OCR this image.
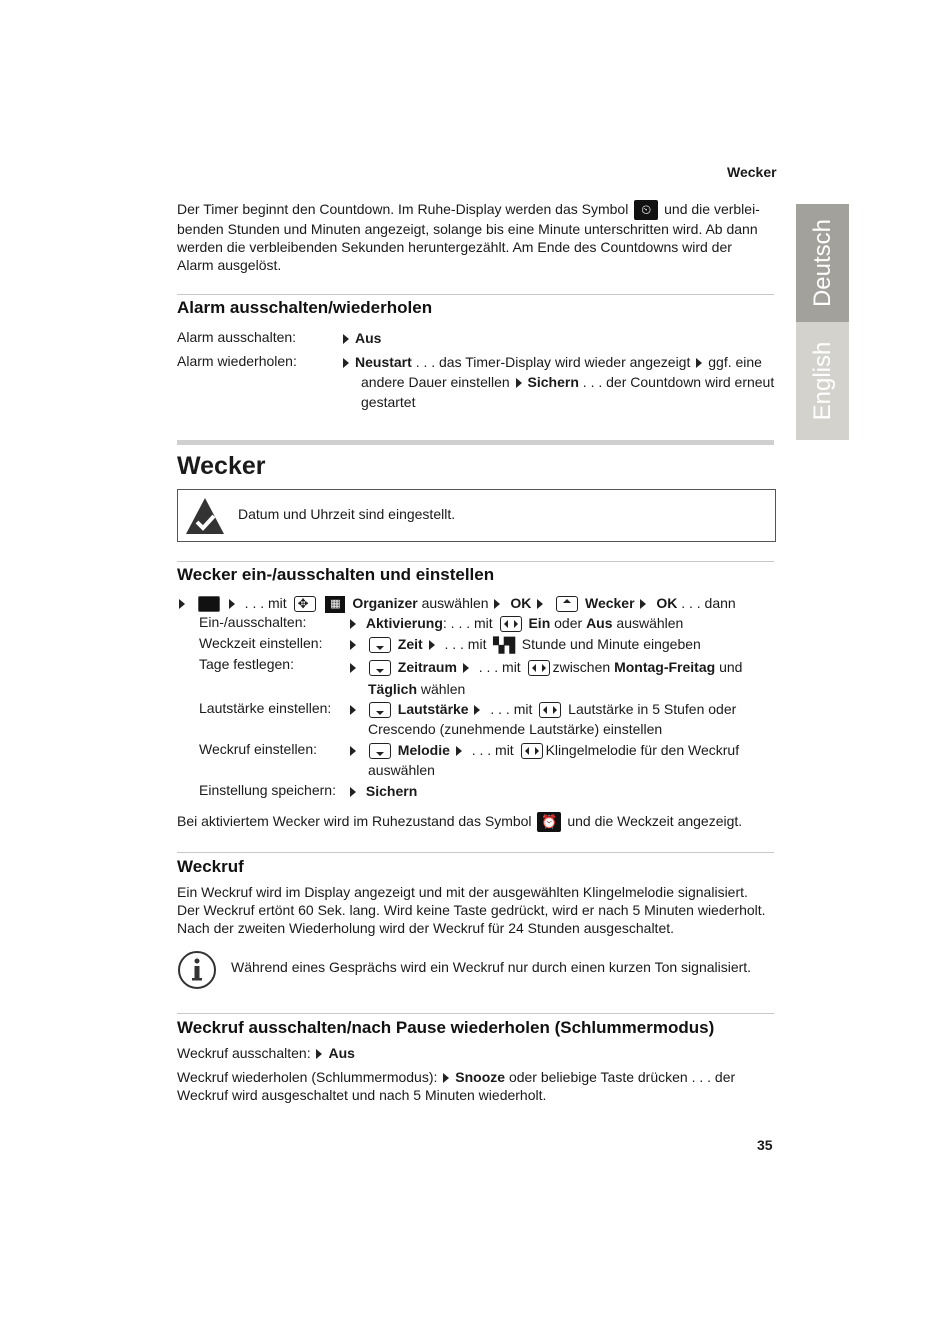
Wecker
Deutsch
English
Der Timer beginnt den Countdown. Im Ruhe-Display werden das Symbol ⏲ und die verblei-
benden Stunden und Minuten angezeigt, solange bis eine Minute unterschritten wird. Ab dann
werden die verbleibenden Sekunden heruntergezählt. Am Ende des Countdowns wird der
Alarm ausgelöst.
Alarm ausschalten/wiederholen
Alarm ausschalten:	Aus
Alarm wiederholen:	Neustart . . . das Timer-Display wird wieder angezeigt ggf. eine
andere Dauer einstellen Sichern . . . der Countdown wird erneut
gestartet
Wecker
Datum und Uhrzeit sind eingestellt.
Wecker ein-/ausschalten und einstellen
. . . mit ✥	▦ Organizer auswählen OK	Wecker OK . . . dann
Ein-/ausschalten:	Aktivierung: . . . mit	Ein oder Aus auswählen
Weckzeit einstellen:	Zeit . . . mit ▚▜ Stunde und Minute eingeben
Tage festlegen:	Zeitraum . . . mit zwischen Montag-Freitag und
Täglich wählen
Lautstärke einstellen:	Lautstärke . . . mit	Lautstärke in 5 Stufen oder
Crescendo (zunehmende Lautstärke) einstellen
Weckruf einstellen:	Melodie . . . mit Klingelmelodie für den Weckruf
auswählen
Einstellung speichern:	Sichern
Bei aktiviertem Wecker wird im Ruhezustand das Symbol ⏰ und die Weckzeit angezeigt.
Weckruf
Ein Weckruf wird im Display angezeigt und mit der ausgewählten Klingelmelodie signalisiert.
Der Weckruf ertönt 60 Sek. lang. Wird keine Taste gedrückt, wird er nach 5 Minuten wiederholt.
Nach der zweiten Wiederholung wird der Weckruf für 24 Stunden ausgeschaltet.
Während eines Gesprächs wird ein Weckruf nur durch einen kurzen Ton signalisiert.
Weckruf ausschalten/nach Pause wiederholen (Schlummermodus)
Weckruf ausschalten: Aus
Weckruf wiederholen (Schlummermodus): Snooze oder beliebige Taste drücken . . . der
Weckruf wird ausgeschaltet und nach 5 Minuten wiederholt.
35
